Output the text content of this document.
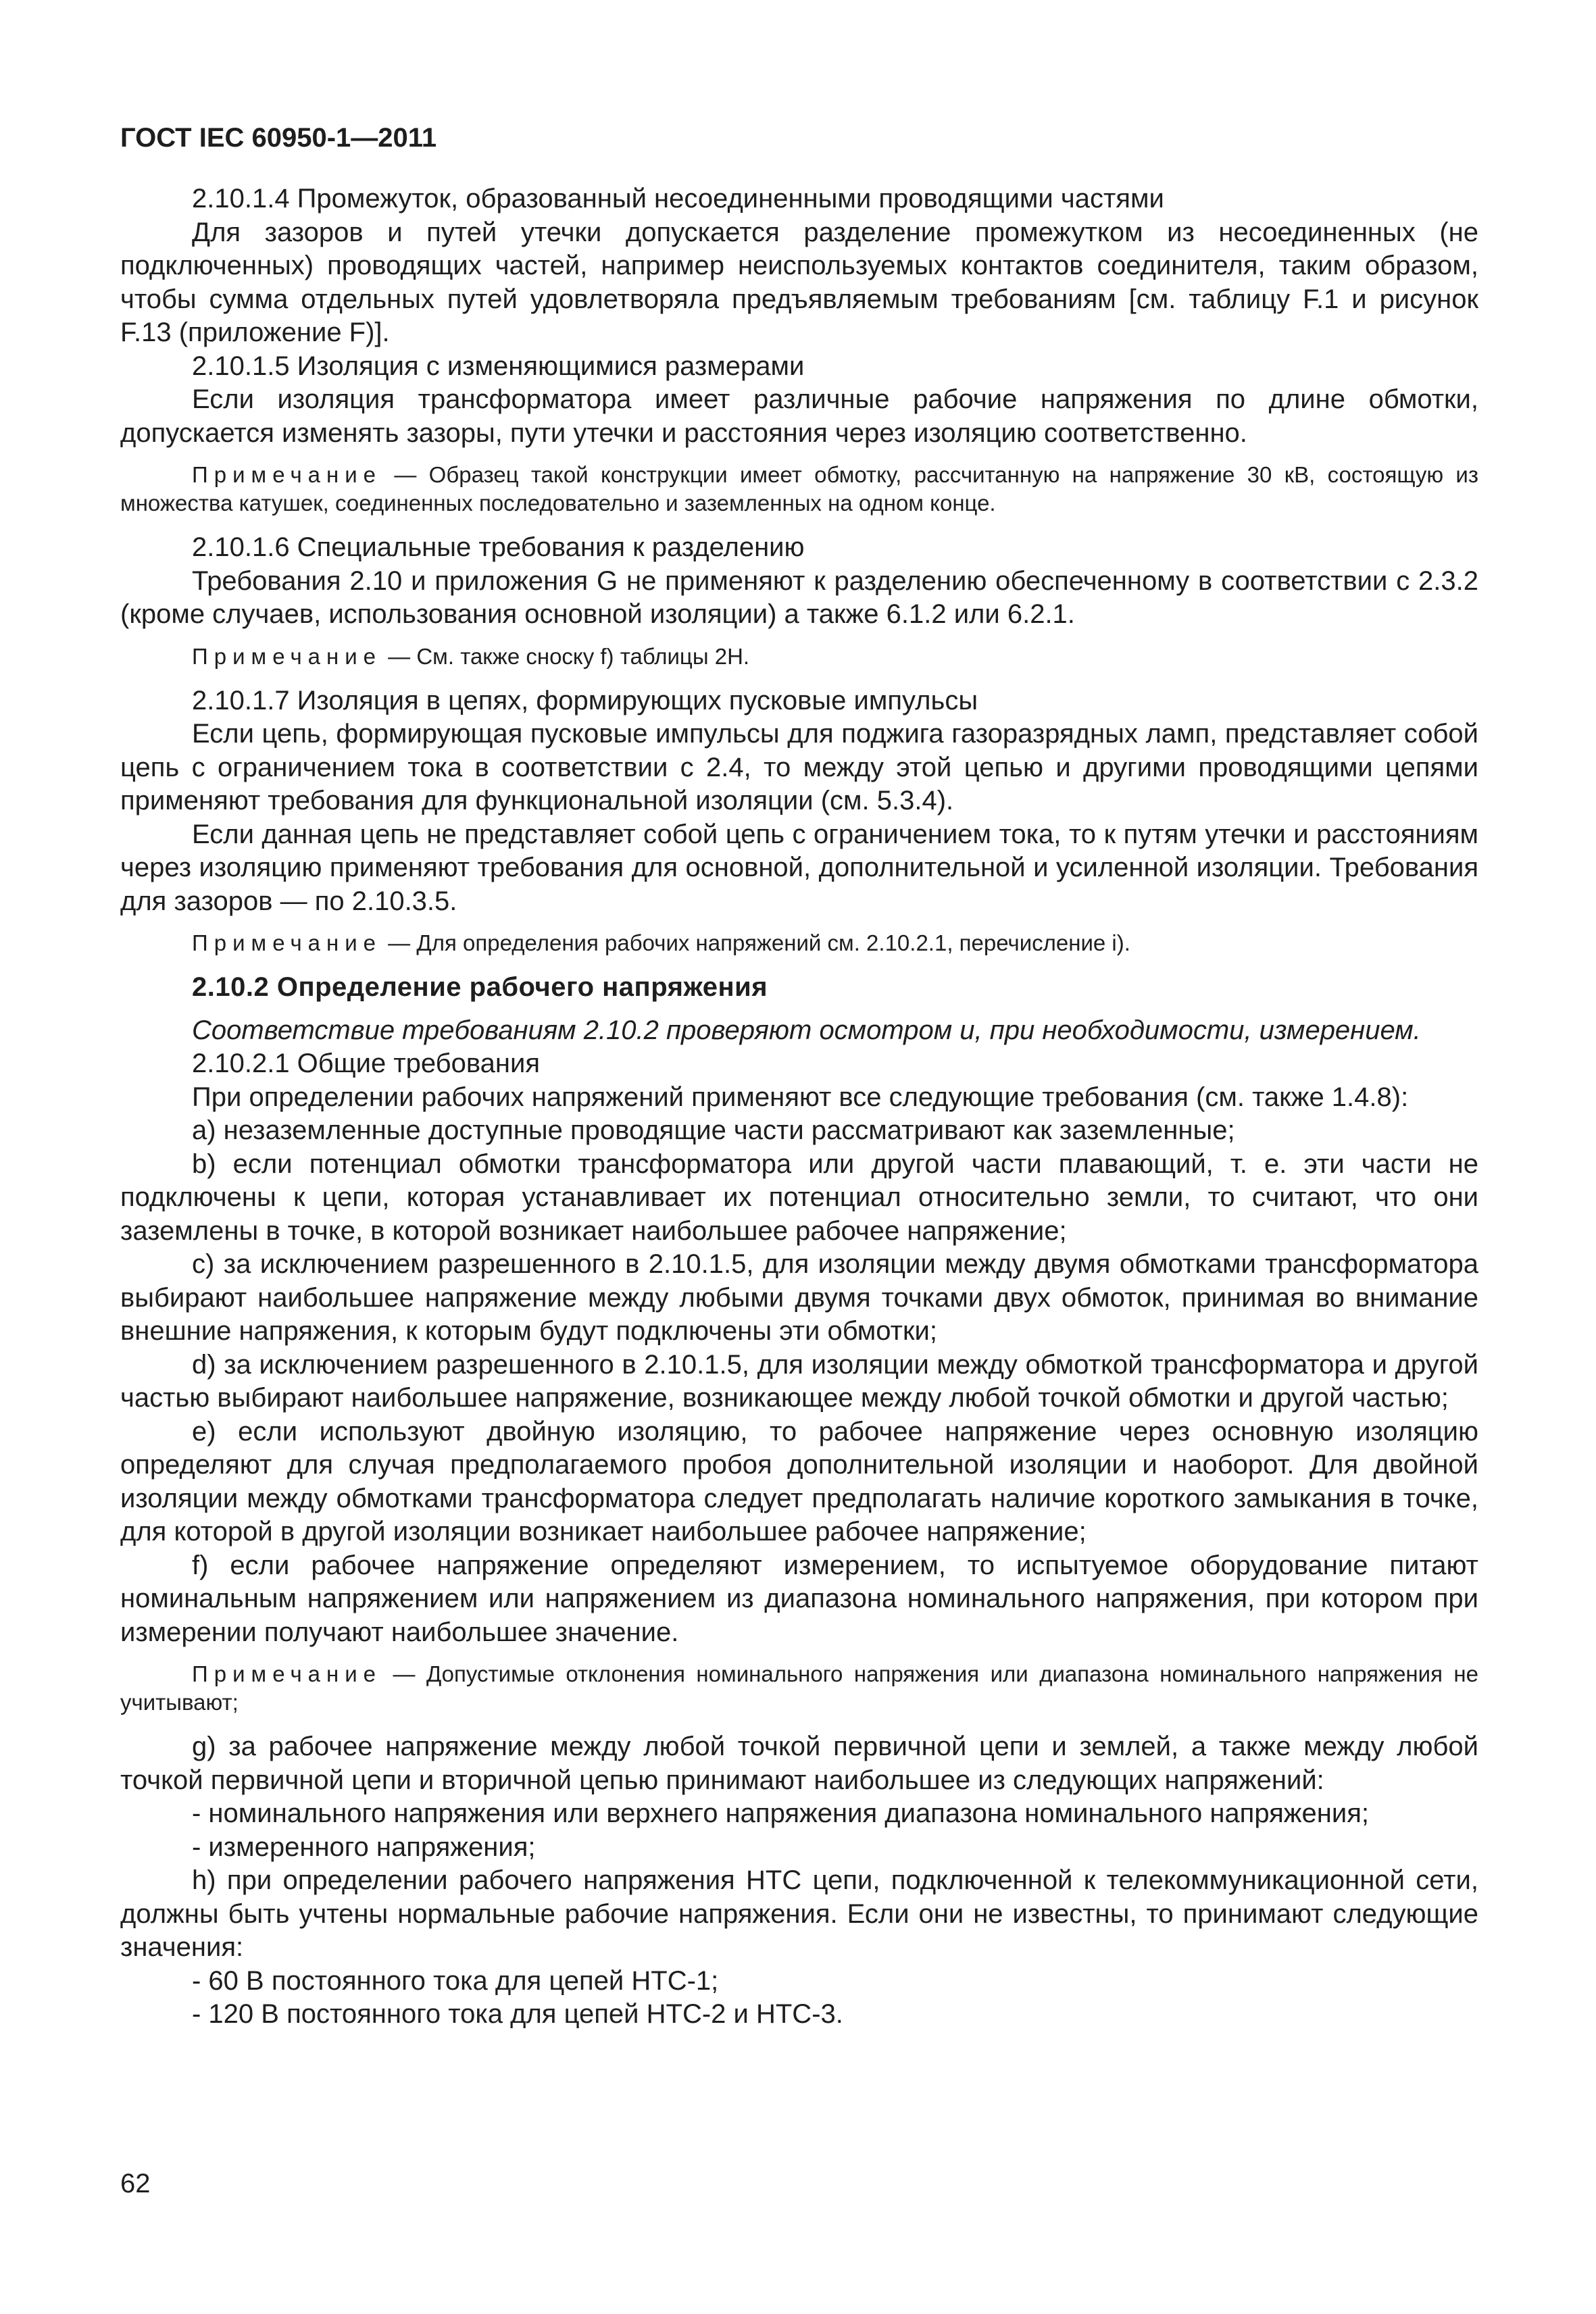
ГОСТ IEC 60950-1—2011
2.10.1.4 Промежуток, образованный несоединенными проводящими частями
Для зазоров и путей утечки допускается разделение промежутком из несоединенных (не подключенных) проводящих частей, например неиспользуемых контактов соединителя, таким образом, чтобы сумма отдельных путей удовлетворяла предъявляемым требованиям [см. таблицу F.1 и рисунок F.13 (приложение F)].
2.10.1.5 Изоляция с изменяющимися размерами
Если изоляция трансформатора имеет различные рабочие напряжения по длине обмотки, допускается изменять зазоры, пути утечки и расстояния через изоляцию соответственно.
Примечание — Образец такой конструкции имеет обмотку, рассчитанную на напряжение 30 кВ, состоящую из множества катушек, соединенных последовательно и заземленных на одном конце.
2.10.1.6 Специальные требования к разделению
Требования 2.10 и приложения G не применяют к разделению обеспеченному в соответствии с 2.3.2 (кроме случаев, использования основной изоляции) а также 6.1.2 или 6.2.1.
Примечание — См. также сноску f) таблицы 2H.
2.10.1.7 Изоляция в цепях, формирующих пусковые импульсы
Если цепь, формирующая пусковые импульсы для поджига газоразрядных ламп, представляет собой цепь с ограничением тока в соответствии с 2.4, то между этой цепью и другими проводящими цепями применяют требования для функциональной изоляции (см. 5.3.4).
Если данная цепь не представляет собой цепь с ограничением тока, то к путям утечки и расстояниям через изоляцию применяют требования для основной, дополнительной и усиленной изоляции. Требования для зазоров — по 2.10.3.5.
Примечание — Для определения рабочих напряжений см. 2.10.2.1, перечисление i).
2.10.2 Определение рабочего напряжения
Соответствие требованиям 2.10.2 проверяют осмотром и, при необходимости, измерением.
2.10.2.1 Общие требования
При определении рабочих напряжений применяют все следующие требования (см. также 1.4.8):
a) незаземленные доступные проводящие части рассматривают как заземленные;
b) если потенциал обмотки трансформатора или другой части плавающий, т. е. эти части не подключены к цепи, которая устанавливает их потенциал относительно земли, то считают, что они заземлены в точке, в которой возникает наибольшее рабочее напряжение;
c) за исключением разрешенного в 2.10.1.5, для изоляции между двумя обмотками трансформатора выбирают наибольшее напряжение между любыми двумя точками двух обмоток, принимая во внимание внешние напряжения, к которым будут подключены эти обмотки;
d) за исключением разрешенного в 2.10.1.5, для изоляции между обмоткой трансформатора и другой частью выбирают наибольшее напряжение, возникающее между любой точкой обмотки и другой частью;
e) если используют двойную изоляцию, то рабочее напряжение через основную изоляцию определяют для случая предполагаемого пробоя дополнительной изоляции и наоборот. Для двойной изоляции между обмотками трансформатора следует предполагать наличие короткого замыкания в точке, для которой в другой изоляции возникает наибольшее рабочее напряжение;
f) если рабочее напряжение определяют измерением, то испытуемое оборудование питают номинальным напряжением или напряжением из диапазона номинального напряжения, при котором при измерении получают наибольшее значение.
Примечание — Допустимые отклонения номинального напряжения или диапазона номинального напряжения не учитывают;
g) за рабочее напряжение между любой точкой первичной цепи и землей, а также между любой точкой первичной цепи и вторичной цепью принимают наибольшее из следующих напряжений:
- номинального напряжения или верхнего напряжения диапазона номинального напряжения;
- измеренного напряжения;
h) при определении рабочего напряжения НТС цепи, подключенной к телекоммуникационной сети, должны быть учтены нормальные рабочие напряжения. Если они не известны, то принимают следующие значения:
- 60 В постоянного тока для цепей НТС-1;
- 120 В постоянного тока для цепей НТС-2 и НТС-3.
62
